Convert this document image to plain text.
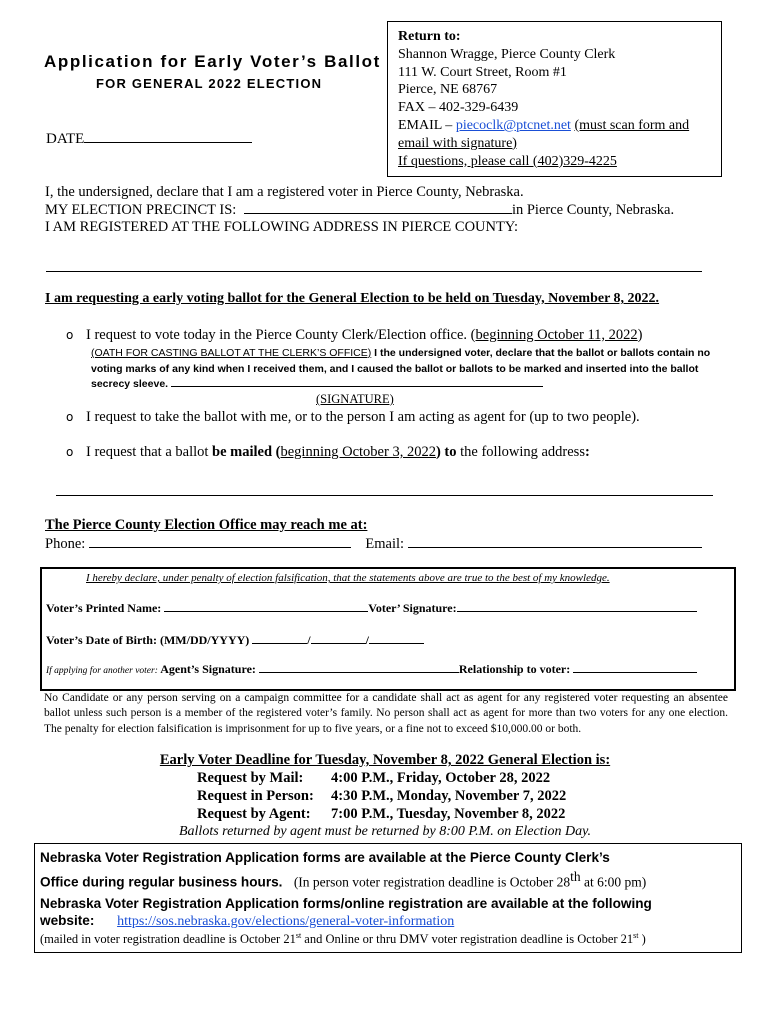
Application for Early Voter’s Ballot
FOR GENERAL 2022 ELECTION
Return to:
Shannon Wragge, Pierce County Clerk
111 W. Court Street, Room #1
Pierce, NE 68767
FAX – 402-329-6439
EMAIL – piecoclk@ptcnet.net (must scan form and
email with signature)
If questions, please call (402)329-4225
DATE
I, the undersigned, declare that I am a registered voter in Pierce County, Nebraska.
MY ELECTION PRECINCT IS:	in Pierce County, Nebraska.
I AM REGISTERED AT THE FOLLOWING ADDRESS IN PIERCE COUNTY:
I am requesting a early voting ballot for the General Election to be held on Tuesday, November 8, 2022.
o I request to vote today in the Pierce County Clerk/Election office. (beginning October 11, 2022)
(OATH FOR CASTING BALLOT AT THE CLERK’S OFFICE) I the undersigned voter, declare that the ballot or ballots contain no voting marks of any kind when I received them, and I caused the ballot or ballots to be marked and inserted into the ballot secrecy sleeve.
(SIGNATURE)
o I request to take the ballot with me, or to the person I am acting as agent for (up to two people).
o I request that a ballot be mailed (beginning October 3, 2022) to the following address:
The Pierce County Election Office may reach me at:
Phone:	Email:
I hereby declare, under penalty of election falsification, that the statements above are true to the best of my knowledge.
Voter’s Printed Name:	Voter’ Signature:
Voter’s Date of Birth: (MM/DD/YYYY)	/	/
If applying for another voter: Agent’s Signature:	Relationship to voter:
No Candidate or any person serving on a campaign committee for a candidate shall act as agent for any registered voter requesting an absentee ballot unless such person is a member of the registered voter’s family. No person shall act as agent for more than two voters for any one election. The penalty for election falsification is imprisonment for up to five years, or a fine not to exceed $10,000.00 or both.
Early Voter Deadline for Tuesday, November 8, 2022 General Election is:
Request by Mail: 4:00 P.M., Friday, October 28, 2022
Request in Person: 4:30 P.M., Monday, November 7, 2022
Request by Agent: 7:00 P.M., Tuesday, November 8, 2022
Ballots returned by agent must be returned by 8:00 P.M. on Election Day.
Nebraska Voter Registration Application forms are available at the Pierce County Clerk’s
Office during regular business hours. (In person voter registration deadline is October 28th at 6:00 pm)
Nebraska Voter Registration Application forms/online registration are available at the following
website: https://sos.nebraska.gov/elections/general-voter-information
(mailed in voter registration deadline is October 21st and Online or thru DMV voter registration deadline is October 21st )
